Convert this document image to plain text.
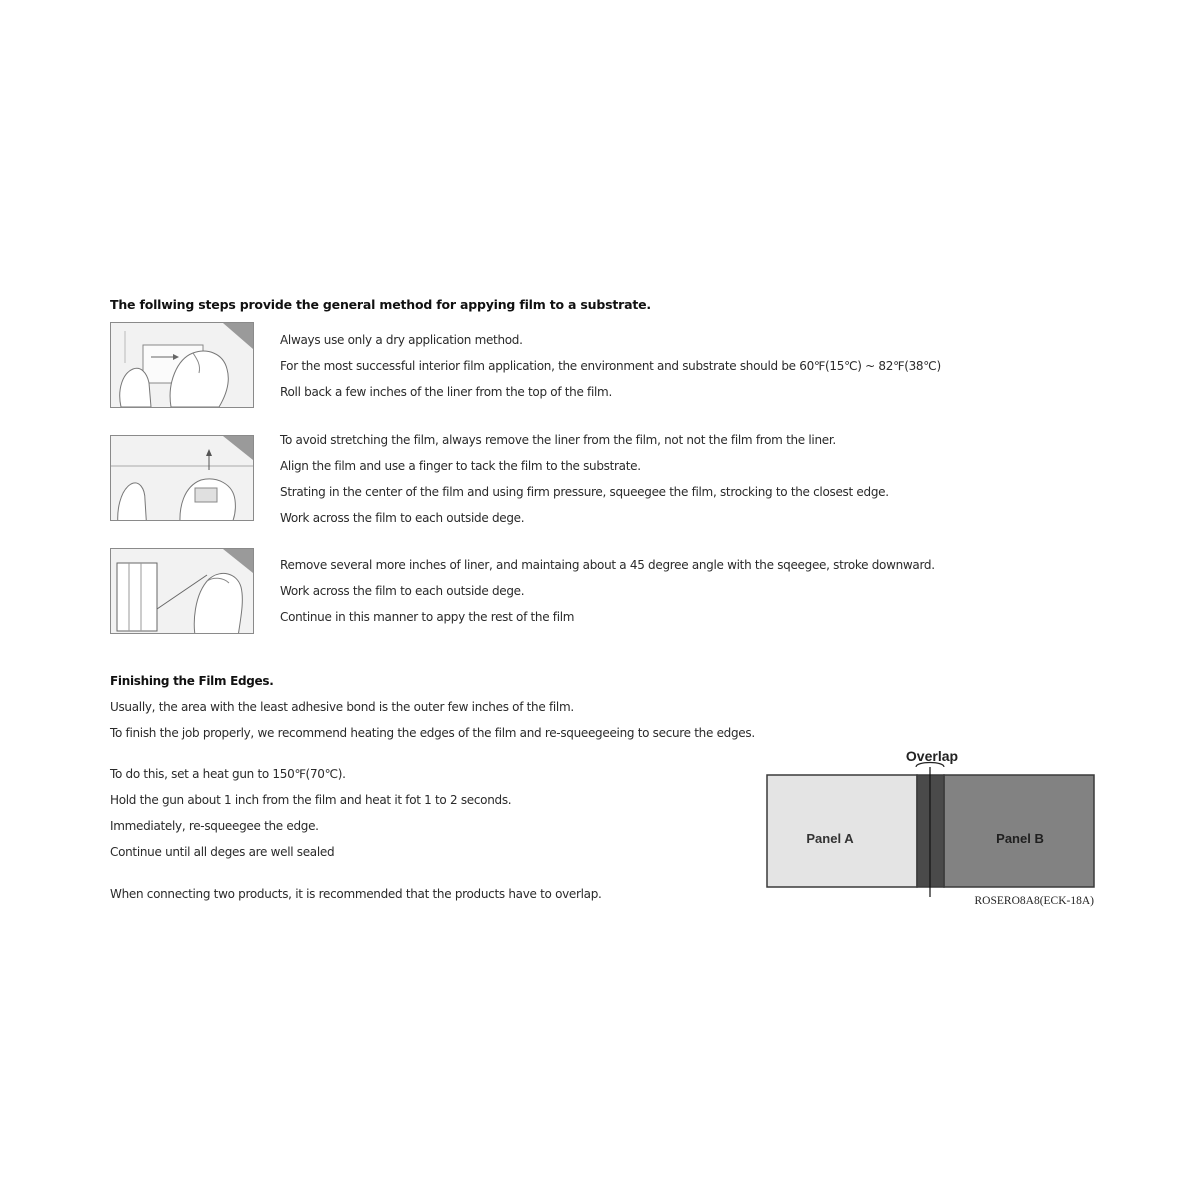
The follwing steps provide the general method for appying film to a substrate.
Always use only a dry application method.
For the most successful interior film application, the environment and substrate should be 60℉(15℃) ~ 82℉(38℃)
Roll back a few inches of the liner from the top of the film.
To avoid stretching the film, always remove the liner from the film, not not the film from the liner.
Align the film and use a finger to tack the film to the substrate.
Strating in the center of the film and using firm pressure, squeegee the film, strocking to the closest edge.
Work across the film to each outside dege.
Remove several more inches of liner, and maintaing about a 45 degree angle with the sqeegee, stroke downward.
Work across the film to each outside dege.
Continue in this manner to appy the rest of the film
Finishing the Film Edges.
Usually, the area with the least adhesive bond is the outer few inches of the film.
To finish the job properly, we recommend heating the edges of the film and re-squeegeeing to secure the edges.
To do this, set a heat gun to 150℉(70℃).
Hold the gun about 1 inch from the film and heat it fot 1 to 2 seconds.
Immediately, re-squeegee the edge.
Continue until all deges are well sealed
When connecting two products, it is recommended that the products have to overlap.
Overlap
Panel A	Panel B
ROSERO8A8(ECK-18A)
